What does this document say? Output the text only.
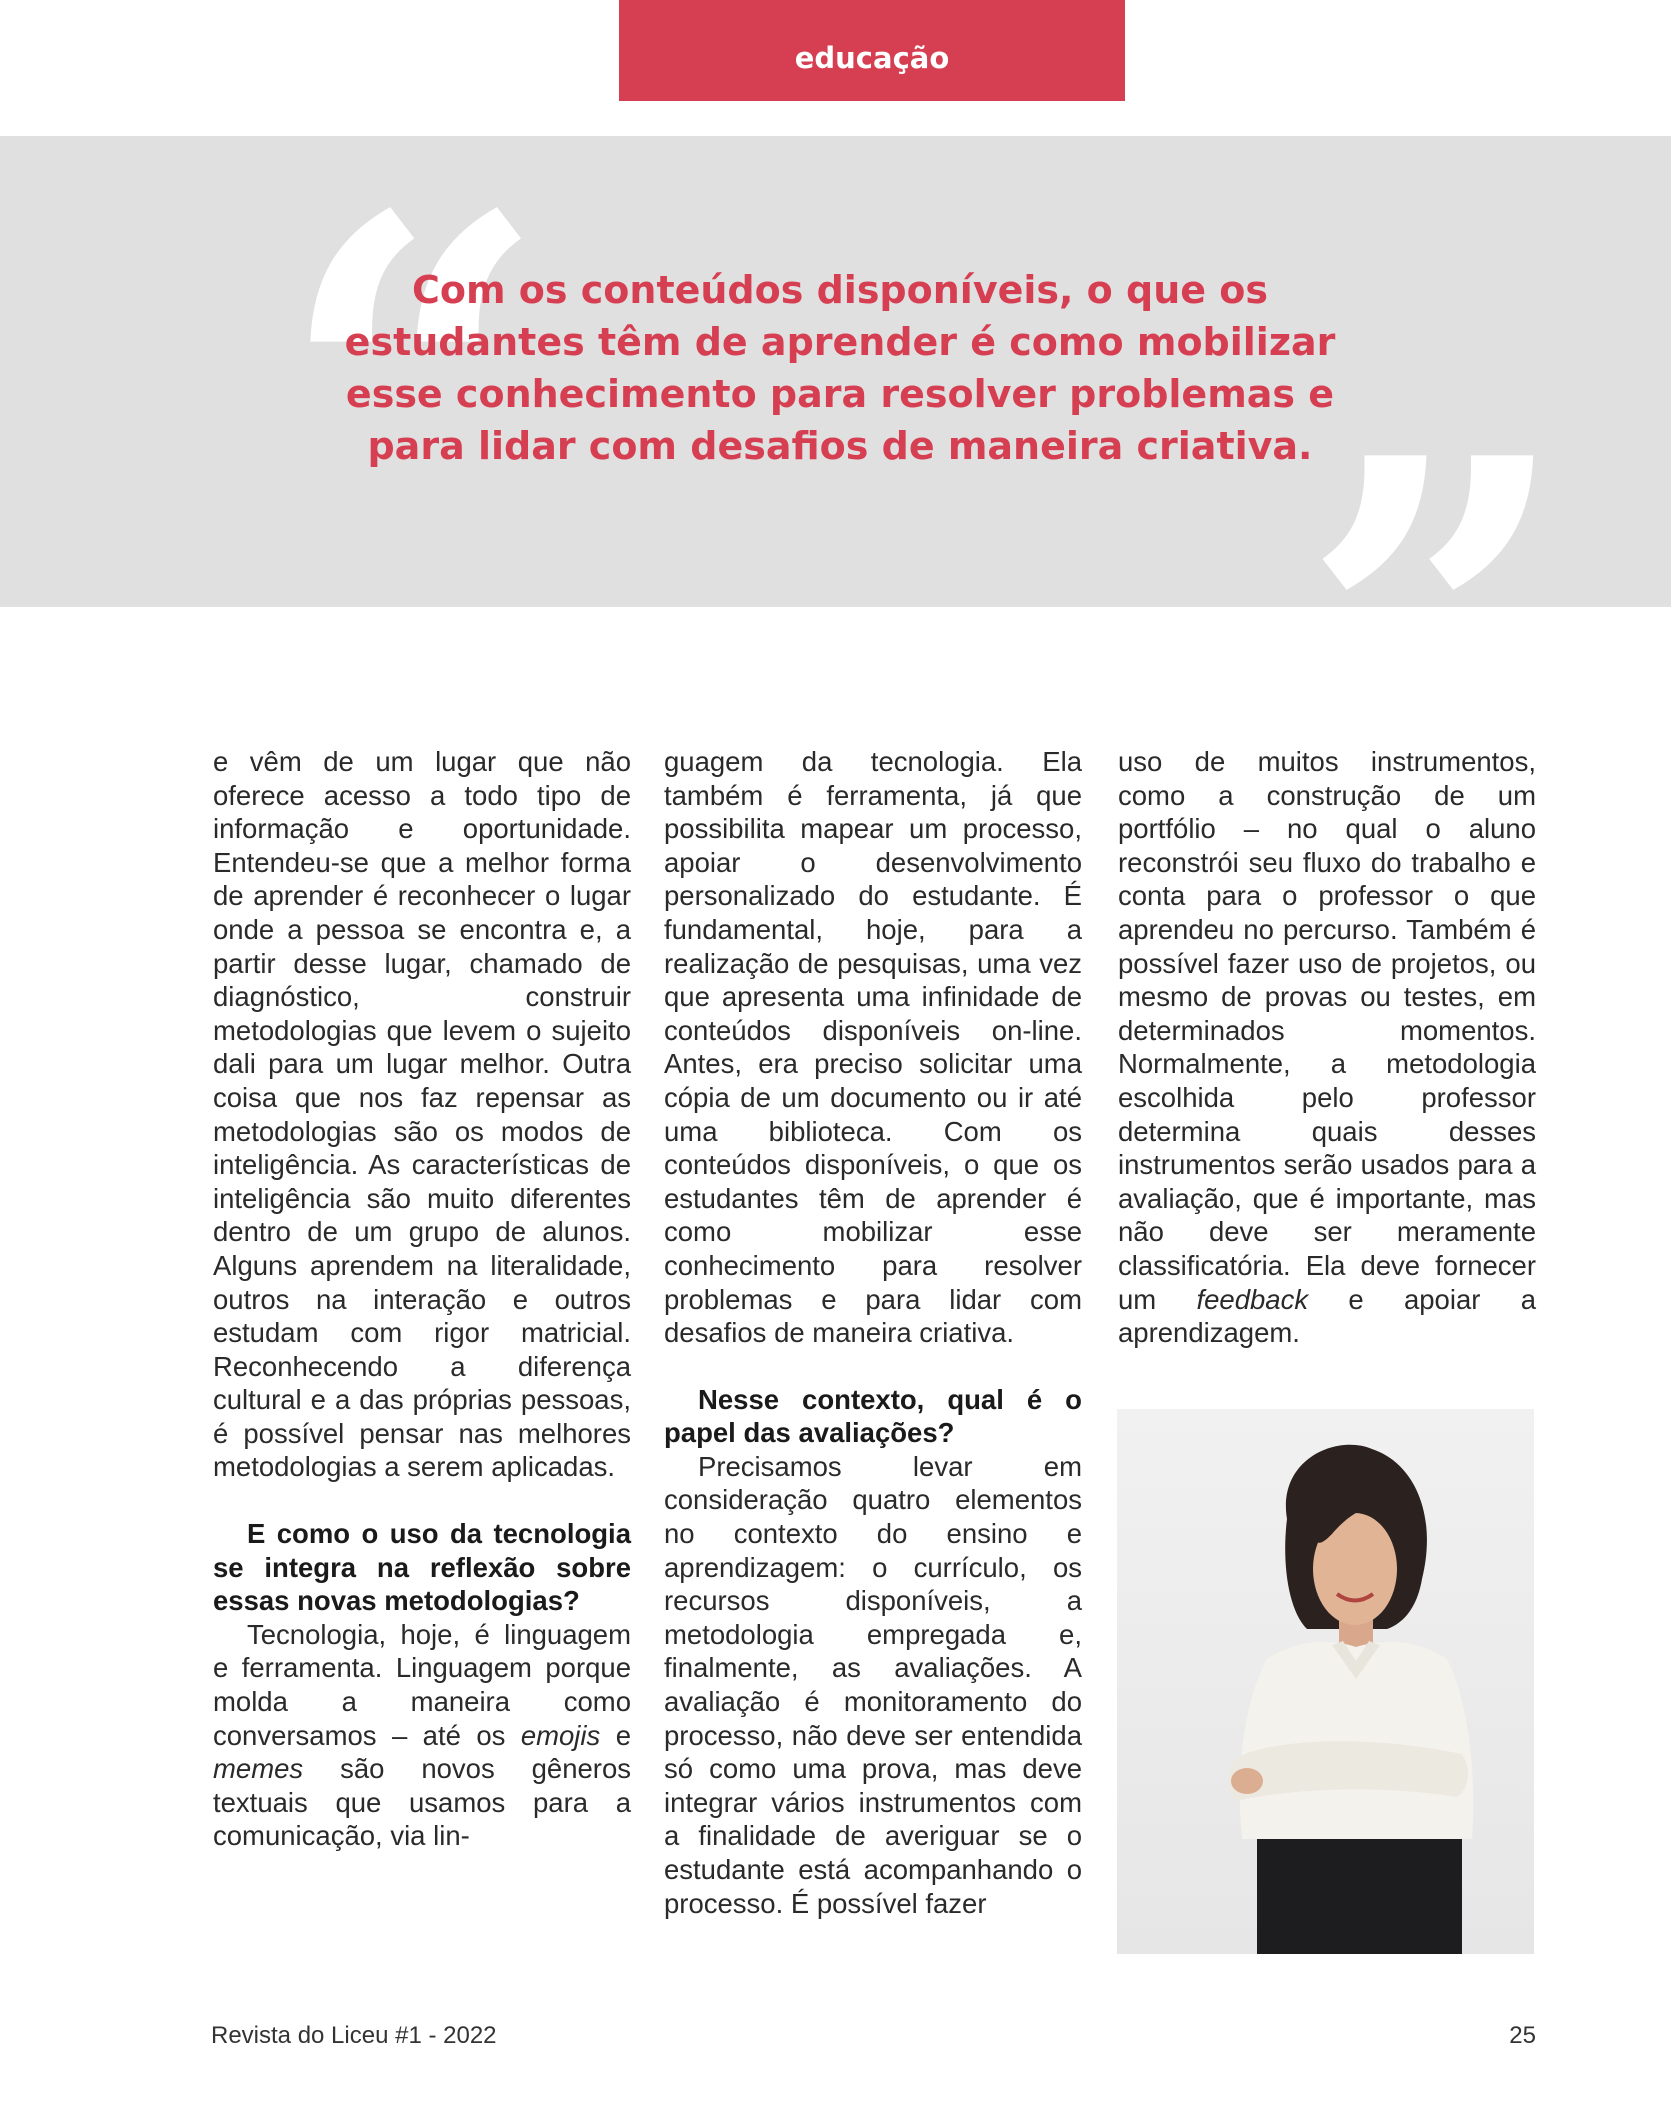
educação
“

Com os conteúdos disponíveis, o que os estudantes têm de aprender é como mobilizar esse conhecimento para resolver problemas e para lidar com desafios de maneira criativa.

e vêm de um lugar que não oferece acesso a todo tipo de informação e oportunidade. Entendeu-se que a melhor forma de aprender é reconhecer o lugar onde a pessoa se encontra e, a partir desse lugar, chamado de diagnóstico, construir metodologias que levem o sujeito dali para um lugar melhor. Outra coisa que nos faz repensar as metodologias são os modos de inteligência. As características de inteligência são muito diferentes dentro de um grupo de alunos. Alguns aprendem na literalidade, outros na interação e outros estudam com rigor matricial. Reconhecendo a diferença cultural e a das próprias pessoas, é possível pensar nas melhores metodologias a serem aplicadas.

E como o uso da tecnologia se integra na reflexão sobre essas novas metodologias?

Tecnologia, hoje, é linguagem e ferramenta. Linguagem porque molda a maneira como conversamos – até os emojis e memes são novos gêneros textuais que usamos para a comunicação, via lin-

guagem da tecnologia. Ela também é ferramenta, já que possibilita mapear um processo, apoiar o desenvolvimento personalizado do estudante. É fundamental, hoje, para a realização de pesquisas, uma vez que apresenta uma infinidade de conteúdos disponíveis on-line. Antes, era preciso solicitar uma cópia de um documento ou ir até uma biblioteca. Com os conteúdos disponíveis, o que os estudantes têm de aprender é como mobilizar esse conhecimento para resolver problemas e para lidar com desafios de maneira criativa.

Nesse contexto, qual é o papel das avaliações?

Precisamos levar em consideração quatro elementos no contexto do ensino e aprendizagem: o currículo, os recursos disponíveis, a metodologia empregada e, finalmente, as avaliações. A avaliação é monitoramento do processo, não deve ser entendida só como uma prova, mas deve integrar vários instrumentos com a finalidade de averiguar se o estudante está acompanhando o processo. É possível fazer

uso de muitos instrumentos, como a construção de um portfólio – no qual o aluno reconstrói seu fluxo do trabalho e conta para o professor o que aprendeu no percurso. Também é possível fazer uso de projetos, ou mesmo de provas ou testes, em determinados momentos. Normalmente, a metodologia escolhida pelo professor determina quais desses instrumentos serão usados para a avaliação, que é importante, mas não deve ser meramente classificatória. Ela deve fornecer um feedback e apoiar a aprendizagem.

Revista do Liceu #1 - 2022	25
